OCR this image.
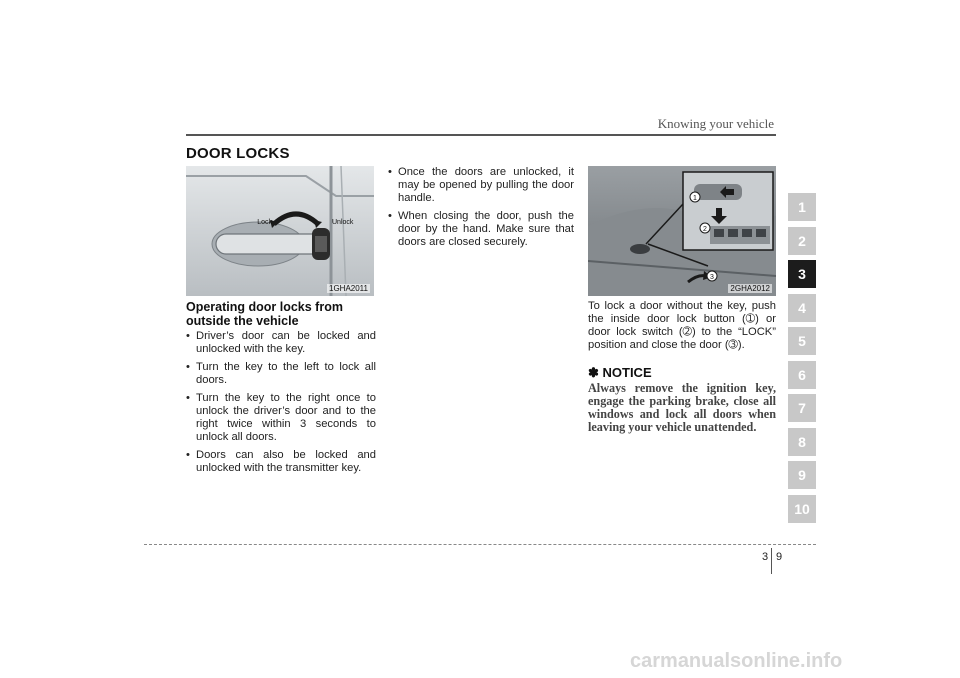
Knowing your vehicle
DOOR LOCKS
Lock	Unlock
1GHA2011
1
2
3
2GHA2012
Operating door locks from outside the vehicle
• Driver’s door can be locked and unlocked with the key.
• Turn the key to the left to lock all doors.
• Turn the key to the right once to unlock the driver’s door and to the right twice within 3 seconds to unlock all doors.
• Doors can also be locked and unlocked with the transmitter key.
• Once the doors are unlocked, it may be opened by pulling the door handle.
• When closing the door, push the door by the hand. Make sure that doors are closed securely.

To lock a door without the key, push the inside door lock button (➀) or door lock switch (➁) to the “LOCK” position and close the door (➂).

✽ NOTICE
Always remove the ignition key, engage the parking brake, close all windows and lock all doors when leaving your vehicle unattended.
1
2
3
4
5
6
7
8
9
10
3 9
carmanualsonline.info
